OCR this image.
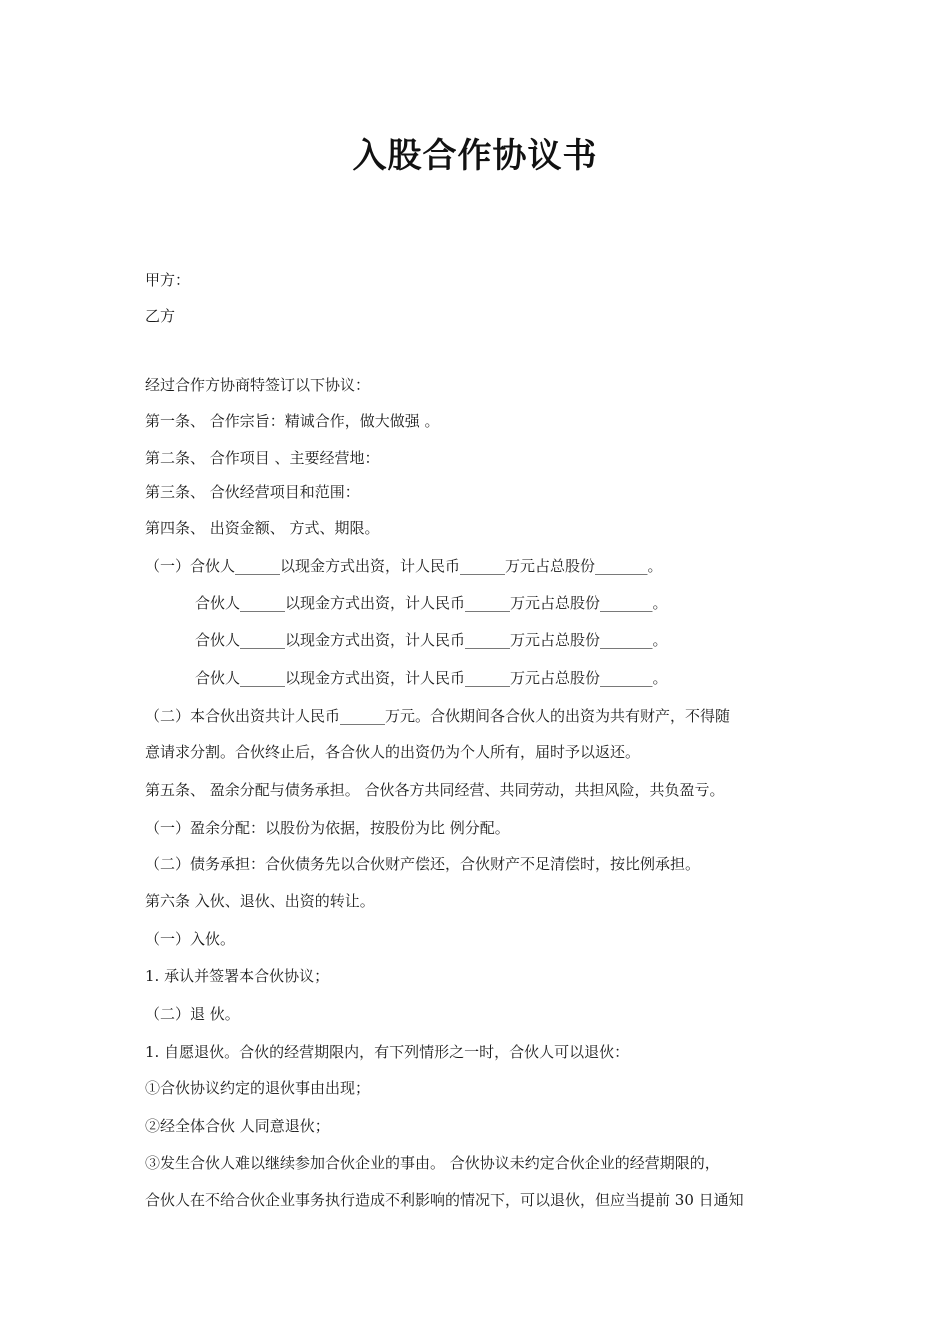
入股合作协议书
甲方：
乙方
经过合作方协商特签订以下协议：
第一条、 合作宗旨：精诚合作，做大做强 。
第二条、 合作项目 、主要经营地：
第三条、 合伙经营项目和范围：
第四条、 出资金额、 方式、期限。
（一）合伙人______以现金方式出资，计人民币______万元占总股份_______。
合伙人______以现金方式出资，计人民币______万元占总股份_______。
合伙人______以现金方式出资，计人民币______万元占总股份_______。
合伙人______以现金方式出资，计人民币______万元占总股份_______。
（二）本合伙出资共计人民币______万元。合伙期间各合伙人的出资为共有财产，不得随
意请求分割。合伙终止后，各合伙人的出资仍为个人所有，届时予以返还。
第五条、 盈余分配与债务承担。 合伙各方共同经营、共同劳动，共担风险，共负盈亏。
（一）盈余分配：以股份为依据，按股份为比 例分配。
（二）债务承担：合伙债务先以合伙财产偿还，合伙财产不足清偿时，按比例承担。
第六条 入伙、退伙、出资的转让。
（一）入伙。
1. 承认并签署本合伙协议；
（二）退 伙。
1. 自愿退伙。合伙的经营期限内，有下列情形之一时，合伙人可以退伙：
①合伙协议约定的退伙事由出现；
②经全体合伙 人同意退伙；
③发生合伙人难以继续参加合伙企业的事由。 合伙协议未约定合伙企业的经营期限的，
合伙人在不给合伙企业事务执行造成不利影响的情况下，可以退伙，但应当提前 30 日通知
